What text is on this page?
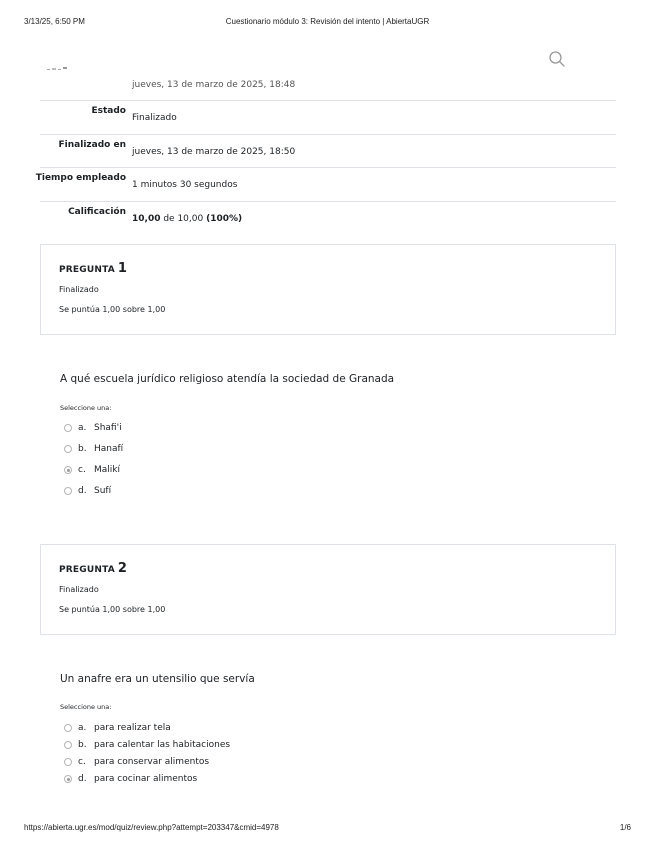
3/13/25, 6:50 PM	Cuestionario módulo 3: Revisión del intento | AbiertaUGR
jueves, 13 de marzo de 2025, 18:48
Estado
Finalizado
Finalizado en
jueves, 13 de marzo de 2025, 18:50
Tiempo empleado
1 minutos 30 segundos
Calificación
10,00 de 10,00 (100%)
PREGUNTA 1
Finalizado
Se puntúa 1,00 sobre 1,00
A qué escuela jurídico religioso atendía la sociedad de Granada
Seleccione una:
a. Shafi'i
b. Hanafí
c. Malikí
d. Sufí
PREGUNTA 2
Finalizado
Se puntúa 1,00 sobre 1,00
Un anafre era un utensilio que servía
Seleccione una:
a. para realizar tela
b. para calentar las habitaciones
c. para conservar alimentos
d. para cocinar alimentos
https://abierta.ugr.es/mod/quiz/review.php?attempt=203347&cmid=4978	1/6
